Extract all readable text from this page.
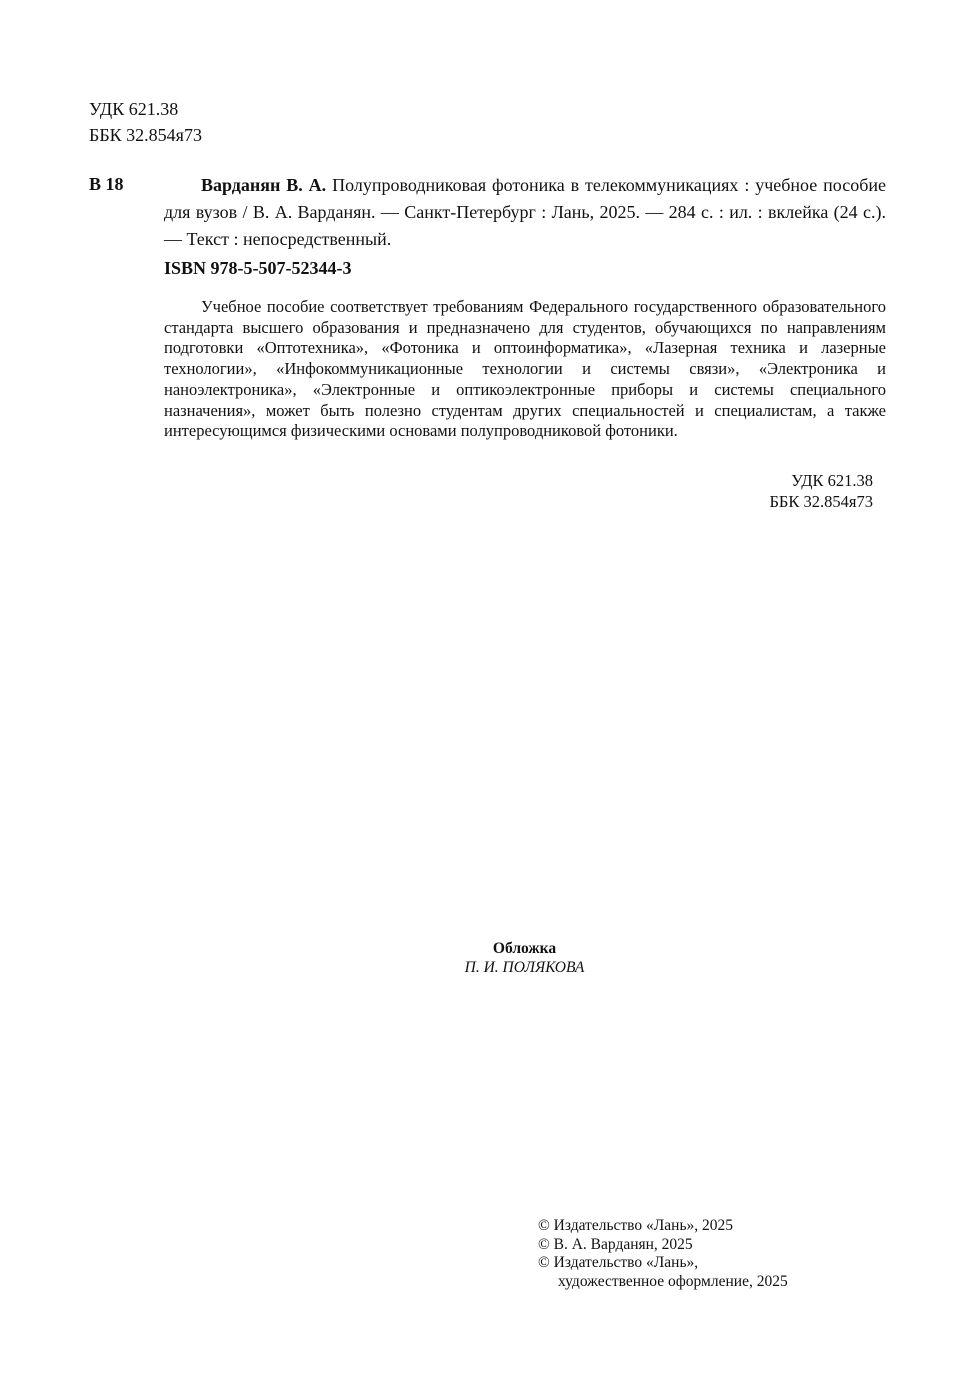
УДК 621.38
ББК 32.854я73
В 18	Варданян В. А. Полупроводниковая фотоника в телекоммуникациях : учебное пособие для вузов / В. А. Варданян. — Санкт-Петербург : Лань, 2025. — 284 с. : ил. : вклейка (24 с.). — Текст : непосредственный.
ISBN 978-5-507-52344-3
Учебное пособие соответствует требованиям Федерального государственного образовательного стандарта высшего образования и предназначено для студентов, обучающихся по направлениям подготовки «Оптотехника», «Фотоника и оптоинформатика», «Лазерная техника и лазерные технологии», «Инфокоммуникационные технологии и системы связи», «Электроника и наноэлектроника», «Электронные и оптикоэлектронные приборы и системы специального назначения», может быть полезно студентам других специальностей и специалистам, а также интересующимся физическими основами полупроводниковой фотоники.
УДК 621.38
ББК 32.854я73
Обложка
П. И. ПОЛЯКОВА
© Издательство «Лань», 2025
© В. А. Варданян, 2025
© Издательство «Лань»,
художественное оформление, 2025
